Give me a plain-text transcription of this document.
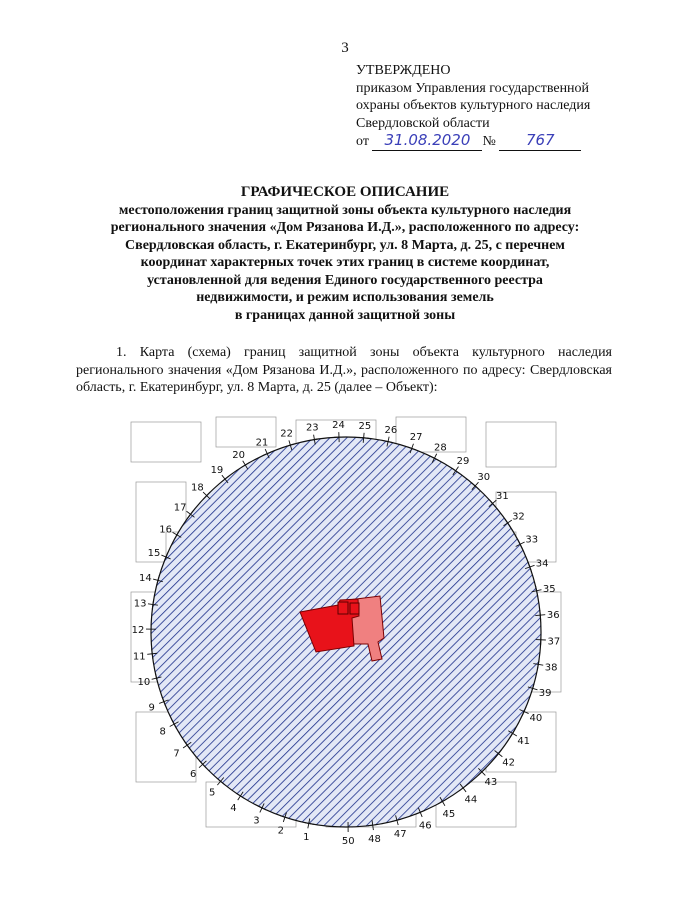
3
УТВЕРЖДЕНО
приказом Управления государственной
охраны объектов культурного наследия
Свердловской области
от 31.08.2020 № 767
ГРАФИЧЕСКОЕ ОПИСАНИЕ
местоположения границ защитной зоны объекта культурного наследия
регионального значения «Дом Рязанова И.Д.», расположенного по адресу:
Свердловская область, г. Екатеринбург, ул. 8 Марта, д. 25, с перечнем
координат характерных точек этих границ в системе координат,
установленной для ведения Единого государственного реестра
недвижимости, и режим использования земель
в границах данной защитной зоны
1. Карта (схема) границ защитной зоны объекта культурного наследия регионального значения «Дом Рязанова И.Д.», расположенного по адресу: Свердловская область, г. Екатеринбург, ул. 8 Марта, д. 25 (далее – Объект):
1
2
3
4
5
6
7
8
9
10
11
12
13
14
15
16
17
18
19
20
21
22
23 24 25 26
27
28
29
30
31
32
33
34
35
36
37
38
39
40
41
42
43
44
45
46
47
48
50
